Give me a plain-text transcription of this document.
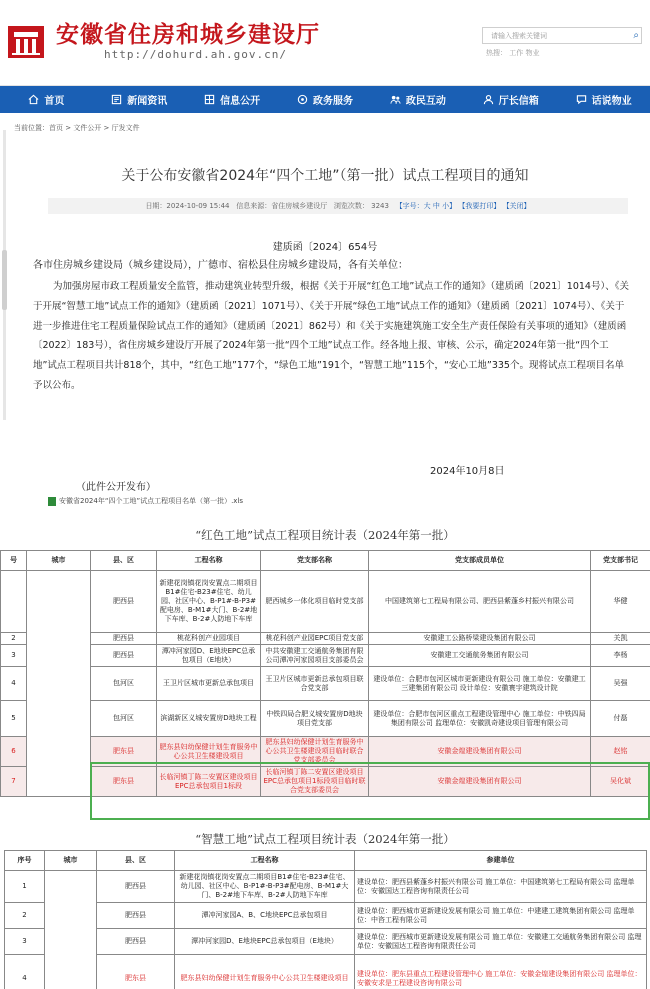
安徽省住房和城乡建设厅
http://dohurd.ah.gov.cn/
请输入搜索关键词	⌕
热搜： 工作 物业
首页	新闻资讯	信息公开	政务服务	政民互动	厅长信箱	话说物业
当前位置：首页 > 文件公开 > 厅发文件
关于公布安徽省2024年“四个工地”（第一批）试点工程项目的通知
日期：2024-10-09 15:44 信息来源：省住房城乡建设厅 浏览次数： 3243 【字号：大 中 小】 【我要打印】 【关闭】
建质函〔2024〕654号
各市住房城乡建设局（城乡建设局），广德市、宿松县住房城乡建设局，各有关单位：
为加强房屋市政工程质量安全监管，推动建筑业转型升级，根据《关于开展“红色工地”试点工作的通知》（建质函〔2021〕1014号）、《关于开展“智慧工地”试点工作的通知》（建质函〔2021〕1071号）、《关于开展“绿色工地”试点工作的通知》（建质函〔2021〕1074号）、《关于进一步推进住宅工程质量保险试点工作的通知》（建质函〔2021〕862号）和《关于实施建筑施工安全生产责任保险有关事项的通知》（建质函〔2022〕183号），省住房城乡建设厅开展了2024年第一批“四个工地”试点工作。经各地上报、审核、公示，确定2024年第一批“四个工地”试点工程项目共计818个，其中，“红色工地”177个，“绿色工地”191个，“智慧工地”115个，“安心工地”335个。现将试点工程项目名单予以公布。
2024年10月8日
（此件公开发布）
安徽省2024年“四个工地”试点工程项目名单（第一批）.xls
“红色工地”试点工程项目统计表（2024年第一批）
号	城市	县、区	工程名称	党支部名称	党支部成员单位	党支部书记
		肥西县	新建花岗镇花岗安置点二期项目B1#住宅-B23#住宅、幼儿园、社区中心、B-P1#-B-P3#配电房、B-M1#大门、B-2#地下车库、B-2#人防地下车库	肥西城乡一体化项目临时党支部	中国建筑第七工程局有限公司、肥西县紫蓬乡村振兴有限公司	华健
2		肥西县	桃花科创产业园项目	桃花科创产业园EPC项目党支部	安徽建工公路桥梁建设集团有限公司	关凯
3		肥西县	潭冲河家园D、E地块EPC总承包项目（E地块）	中共安徽建工交通航务集团有限公司潭冲河家园项目支部委员会	安徽建工交通航务集团有限公司	李杨
4		包河区	王卫片区城市更新总承包项目	王卫片区城市更新总承包项目联合党支部	建设单位：合肥市包河区城市更新建设有限公司 施工单位：安徽建工三建集团有限公司 设计单位：安徽寰宇建筑设计院	吴强
5		包河区	滨湖新区义城安置房D地块工程	中铁四局合肥义城安置房D地块项目党支部	建设单位：合肥市包河区重点工程建设管理中心 施工单位：中铁四局集团有限公司 监理单位：安徽凯奇建设项目管理有限公司	付磊
6		肥东县	肥东县妇幼保健计划生育服务中心公共卫生楼建设项目	肥东县妇幼保健计划生育服务中心公共卫生楼建设项目临时联合党支部委员会	安徽金煌建设集团有限公司	赵铭
7		肥东县	长临河镇丁陈二安置区建设项目EPC总承包项目1标段	长临河镇丁陈二安置区建设项目EPC总承包项目1标段项目临时联合党支部委员会	安徽金煌建设集团有限公司	吴化斌
“智慧工地”试点工程项目统计表（2024年第一批）
序号	城市	县、区	工程名称	参建单位
1		肥西县	新建花岗镇花岗安置点二期项目B1#住宅-B23#住宅、幼儿园、社区中心、B-P1#-B-P3#配电房、B-M1#大门、B-2#地下车库、B-2#人防地下车库	建设单位：肥西县紫蓬乡村振兴有限公司 施工单位：中国建筑第七工程局有限公司 监理单位：安徽国达工程咨询有限责任公司
2		肥西县	潭冲河家园A、B、C地块EPC总承包项目	建设单位：肥西城市更新建设发展有限公司 施工单位：中建建工建筑集团有限公司 监理单位：中咨工程有限公司
3		肥西县	潭冲河家园D、E地块EPC总承包项目（E地块）	建设单位：肥西城市更新建设发展有限公司 施工单位：安徽建工交通航务集团有限公司 监理单位：安徽国达工程咨询有限责任公司
4		肥东县	肥东县妇幼保健计划生育服务中心公共卫生楼建设项目	建设单位：肥东县重点工程建设管理中心 施工单位：安徽金煌建设集团有限公司 监理单位：安徽安求是工程建设咨询有限公司
